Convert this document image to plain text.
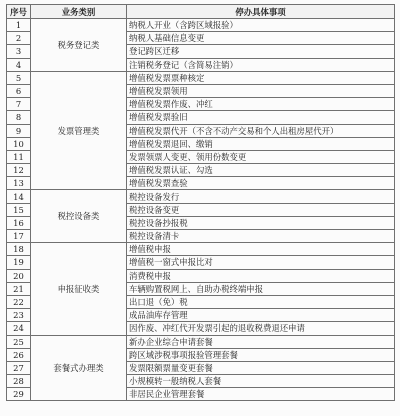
序号	业务类别	停办具体事项
1	税务登记类	纳税人开业（含跨区域报验）
2		纳税人基础信息变更
3		登记跨区迁移
4		注销税务登记（含简易注销）
5	发票管理类	增值税发票票种核定
6		增值税发票领用
7		增值税发票作废、冲红
8		增值税发票验旧
9		增值税发票代开（不含不动产交易和个人出租房屋代开）
10		增值税发票退回、缴销
11		发票领票人变更、领用份数变更
12		增值税发票认证、勾选
13		增值税发票查验
14	税控设备类	税控设备发行
15		税控设备变更
16		税控设备抄报税
17		税控设备清卡
18	申报征收类	增值税申报
19		增值税一窗式申报比对
20		消费税申报
21		车辆购置税网上、自助办税终端申报
22		出口退（免）税
23		成品油库存管理
24		因作废、冲红代开发票引起的退收税费退还申请
25	套餐式办理类	新办企业综合申请套餐
26		跨区域涉税事项报验管理套餐
27		发票限额票量变更套餐
28		小规模转一般纳税人套餐
29		非居民企业管理套餐
